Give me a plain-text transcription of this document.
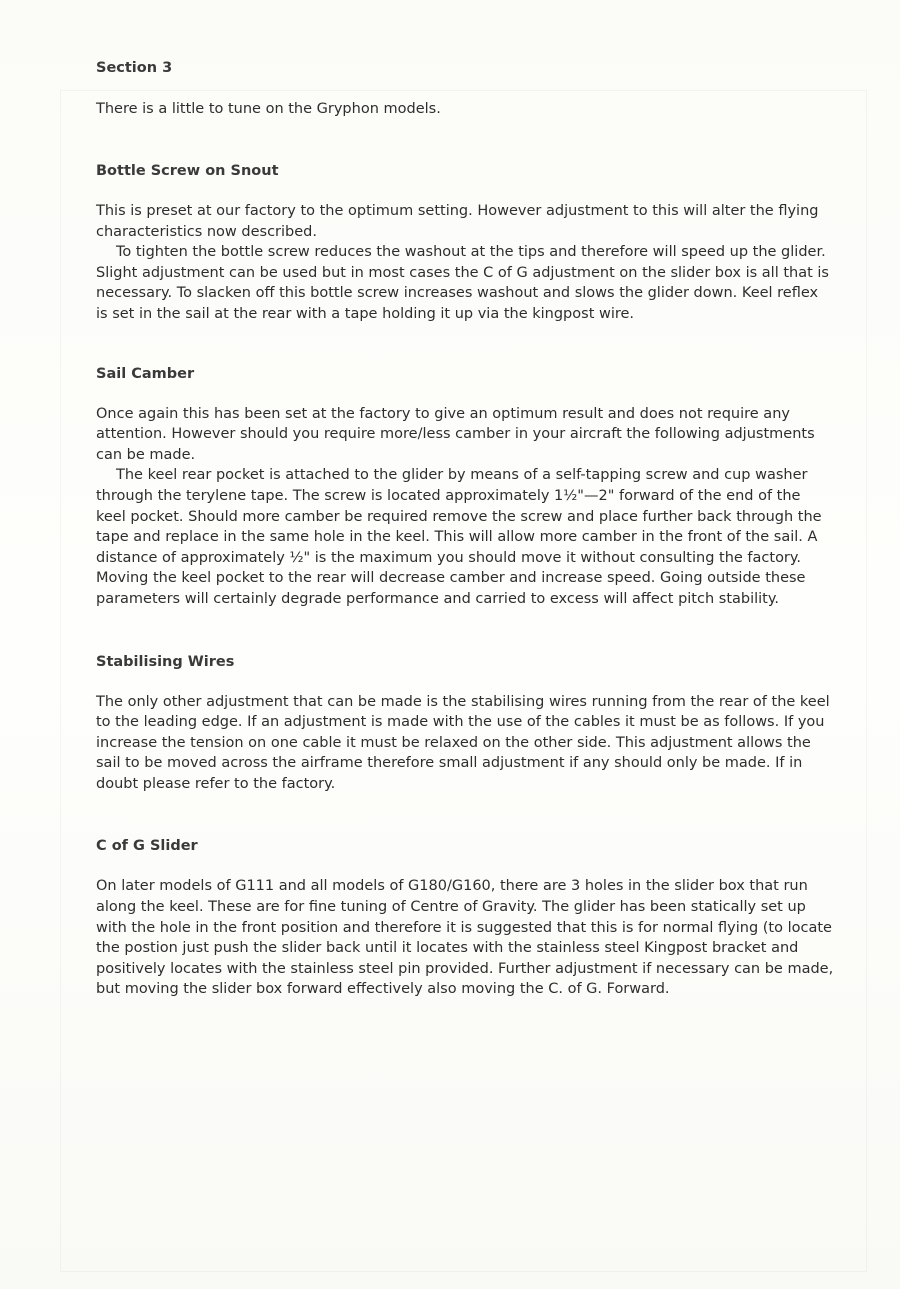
Section 3

There is a little to tune on the Gryphon models.

Bottle Screw on Snout

This is preset at our factory to the optimum setting. However adjustment to this will alter the flying characteristics now described.

To tighten the bottle screw reduces the washout at the tips and therefore will speed up the glider. Slight adjustment can be used but in most cases the C of G adjustment on the slider box is all that is necessary. To slacken off this bottle screw increases washout and slows the glider down. Keel reflex is set in the sail at the rear with a tape holding it up via the kingpost wire.

Sail Camber

Once again this has been set at the factory to give an optimum result and does not require any attention. However should you require more/less camber in your aircraft the following adjustments can be made.

The keel rear pocket is attached to the glider by means of a self-tapping screw and cup washer through the terylene tape. The screw is located approximately 1½"—2" forward of the end of the keel pocket. Should more camber be required remove the screw and place further back through the tape and replace in the same hole in the keel. This will allow more camber in the front of the sail. A distance of approximately ½" is the maximum you should move it without consulting the factory. Moving the keel pocket to the rear will decrease camber and increase speed. Going outside these parameters will certainly degrade performance and carried to excess will affect pitch stability.

Stabilising Wires

The only other adjustment that can be made is the stabilising wires running from the rear of the keel to the leading edge. If an adjustment is made with the use of the cables it must be as follows. If you increase the tension on one cable it must be relaxed on the other side. This adjustment allows the sail to be moved across the airframe therefore small adjustment if any should only be made. If in doubt please refer to the factory.

C of G Slider

On later models of G111 and all models of G180/G160, there are 3 holes in the slider box that run along the keel. These are for fine tuning of Centre of Gravity. The glider has been statically set up with the hole in the front position and therefore it is suggested that this is for normal flying (to locate the postion just push the slider back until it locates with the stainless steel Kingpost bracket and positively locates with the stainless steel pin provided. Further adjustment if necessary can be made, but moving the slider box forward effectively also moving the C. of G. Forward.
